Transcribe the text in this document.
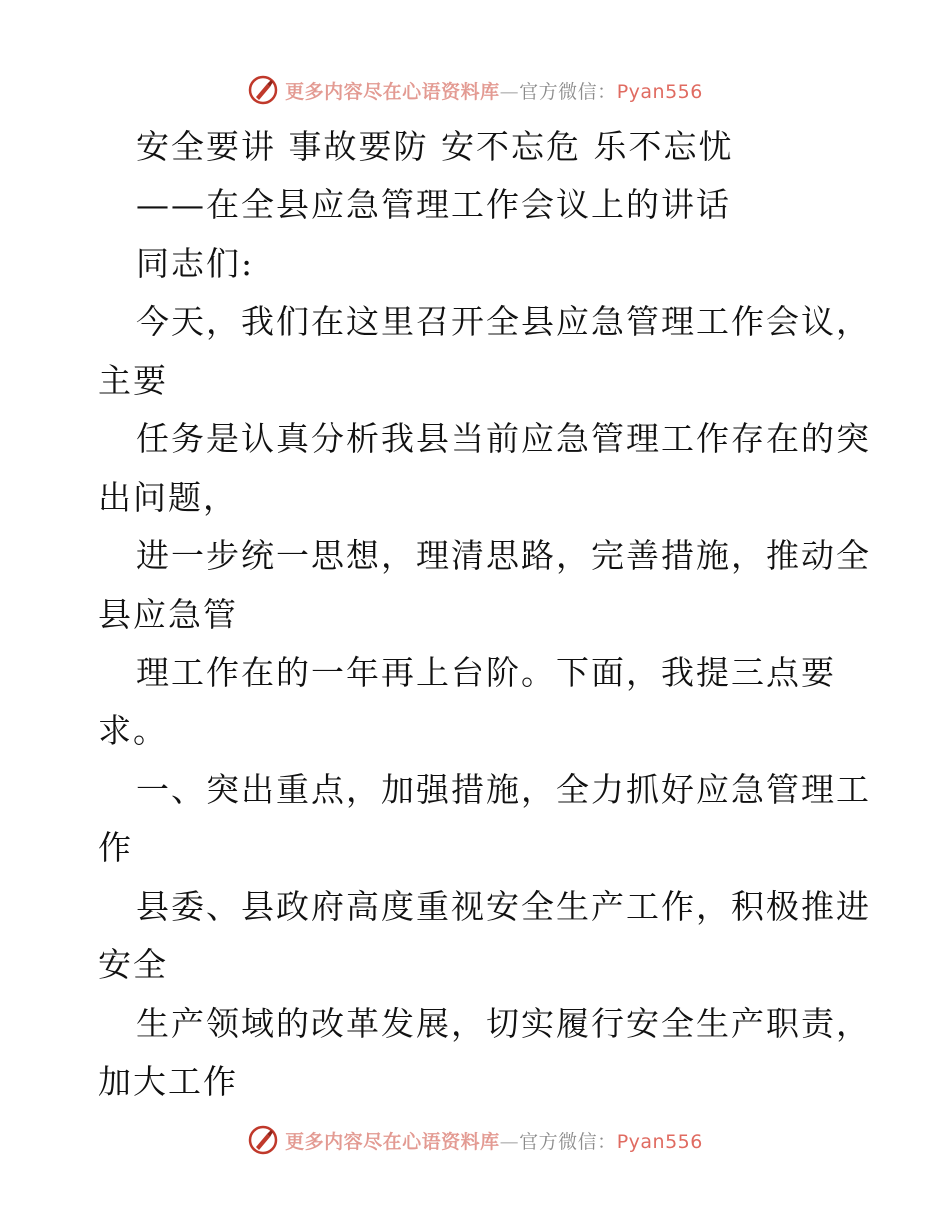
更多内容尽在心语资料库—官方微信：Pyan556
安全要讲 事故要防 安不忘危 乐不忘忧
——在全县应急管理工作会议上的讲话
同志们:
今天，我们在这里召开全县应急管理工作会议，
主要
任务是认真分析我县当前应急管理工作存在的突
出问题，
进一步统一思想，理清思路，完善措施，推动全
县应急管
理工作在的一年再上台阶。下面，我提三点要
求。
一、突出重点，加强措施，全力抓好应急管理工
作
县委、县政府高度重视安全生产工作，积极推进
安全
生产领域的改革发展，切实履行安全生产职责，
加大工作
更多内容尽在心语资料库—官方微信：Pyan556
